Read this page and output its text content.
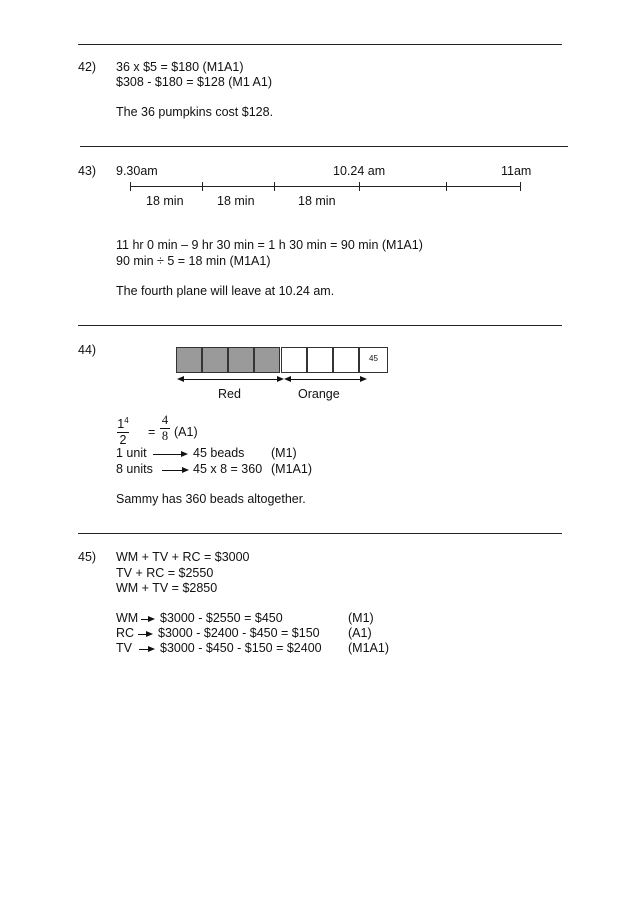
42) 36 x $5 = $180 (M1A1)
$308 - $180 = $128 (M1 A1)
The 36 pumpkins cost $128.
43) 9.30am	10.24 am	11am
18 min	18 min	18 min
11 hr 0 min – 9 hr 30 min = 1 h 30 min = 90 min (M1A1)
90 min ÷ 5 = 18 min (M1A1)
The fourth plane will leave at 10.24 am.
44)
45
Red	Orange
$1^4$
2
=
4
8 (A1)
1 unit	45 beads (M1)
8 units	45 x 8 = 360 (M1A1)
Sammy has 360 beads altogether.
45) WM + TV + RC = $3000
TV + RC = $2550
WM + TV = $2850
WM $3000 - $2550 = $450	(M1)
RC $3000 - $2400 - $450 = $150 (A1)
TV $3000 - $450 - $150 = $2400 (M1A1)
